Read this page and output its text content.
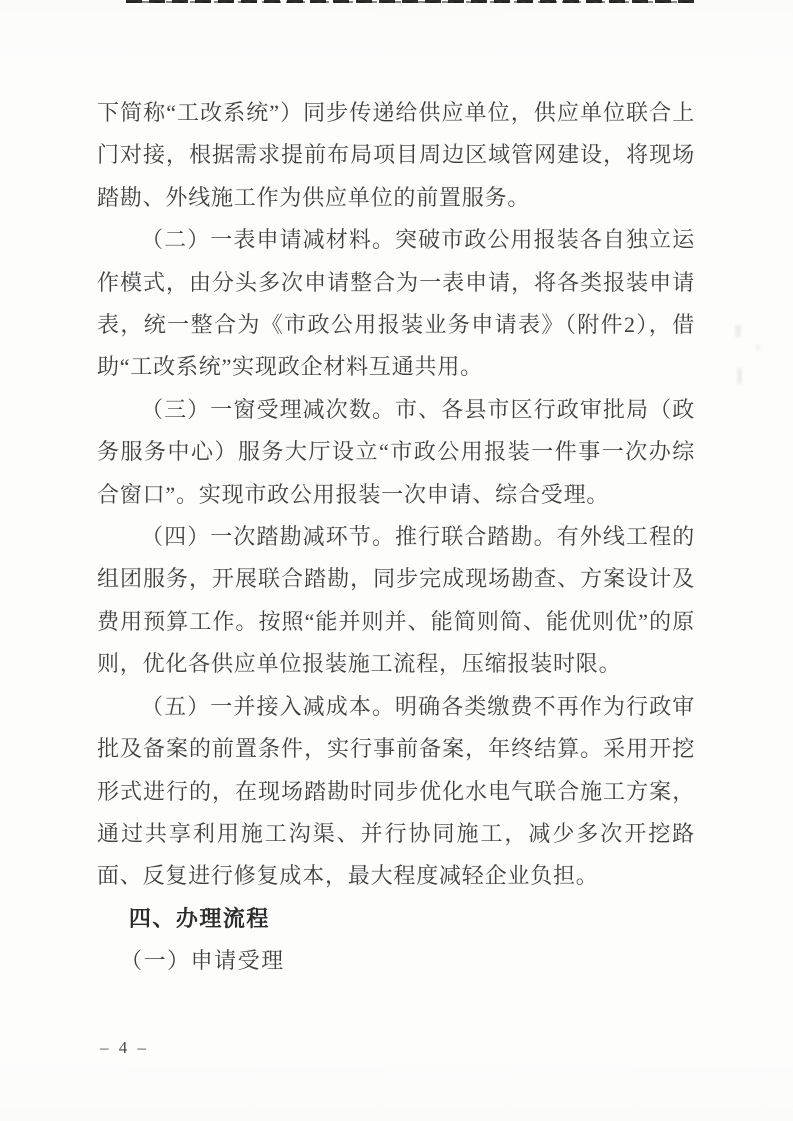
下简称“工改系统”）同步传递给供应单位，供应单位联合上门对接，根据需求提前布局项目周边区域管网建设，将现场踏勘、外线施工作为供应单位的前置服务。

（二）一表申请减材料。突破市政公用报装各自独立运作模式，由分头多次申请整合为一表申请，将各类报装申请表，统一整合为《市政公用报装业务申请表》（附件2），借助“工改系统”实现政企材料互通共用。

（三）一窗受理减次数。市、各县市区行政审批局（政务服务中心）服务大厅设立“市政公用报装一件事一次办综合窗口”。实现市政公用报装一次申请、综合受理。

（四）一次踏勘减环节。推行联合踏勘。有外线工程的组团服务，开展联合踏勘，同步完成现场勘查、方案设计及费用预算工作。按照“能并则并、能简则简、能优则优”的原则，优化各供应单位报装施工流程，压缩报装时限。

（五）一并接入减成本。明确各类缴费不再作为行政审批及备案的前置条件，实行事前备案，年终结算。采用开挖形式进行的，在现场踏勘时同步优化水电气联合施工方案，通过共享利用施工沟渠、并行协同施工，减少多次开挖路面、反复进行修复成本，最大程度减轻企业负担。

四、办理流程

（一）申请受理

– 4 –
